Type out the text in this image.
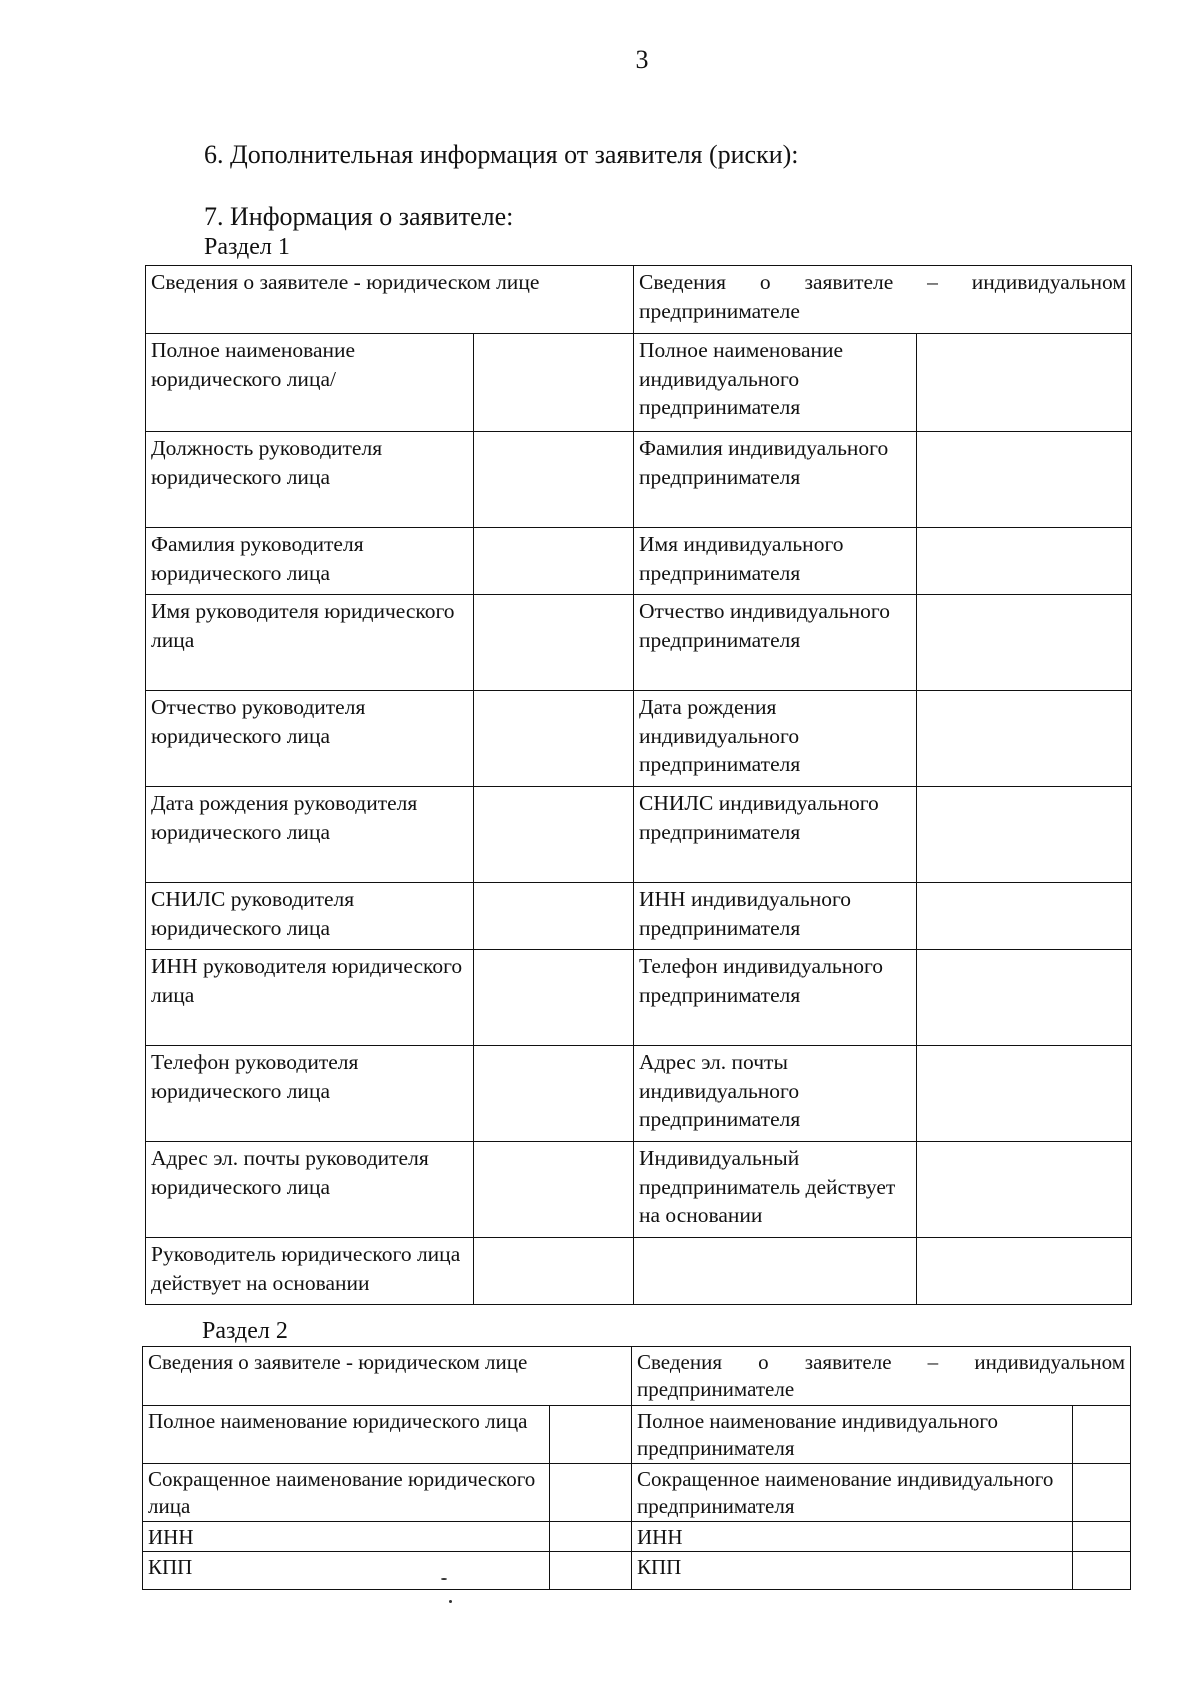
3
6. Дополнительная информация от заявителя (риски):
7. Информация о заявителе:
Раздел 1
Сведения о заявителе - юридическом лице		Сведения о заявителе – индивидуальном
предпринимателе	
Полное наименование юридического лица/		Полное наименование индивидуального предпринимателя	
Должность руководителя юридического лица		Фамилия индивидуального предпринимателя	
Фамилия руководителя юридического лица		Имя индивидуального предпринимателя	
Имя руководителя юридического лица		Отчество индивидуального предпринимателя	
Отчество руководителя юридического лица		Дата рождения индивидуального предпринимателя	
Дата рождения руководителя юридического лица		СНИЛС индивидуального предпринимателя	
СНИЛС руководителя юридического лица		ИНН индивидуального предпринимателя	
ИНН руководителя юридического лица		Телефон индивидуального предпринимателя	
Телефон руководителя юридического лица		Адрес эл. почты индивидуального предпринимателя	
Адрес эл. почты руководителя юридического лица		Индивидуальный предприниматель действует на основании	
Руководитель юридического лица действует на основании			
Раздел 2
Сведения о заявителе - юридическом лице		Сведения о заявителе – индивидуальном
предпринимателе	
Полное наименование юридического лица		Полное наименование индивидуального предпринимателя	
Сокращенное наименование юридического лица		Сокращенное наименование индивидуального предпринимателя	
ИНН		ИНН	
КПП		КПП	
